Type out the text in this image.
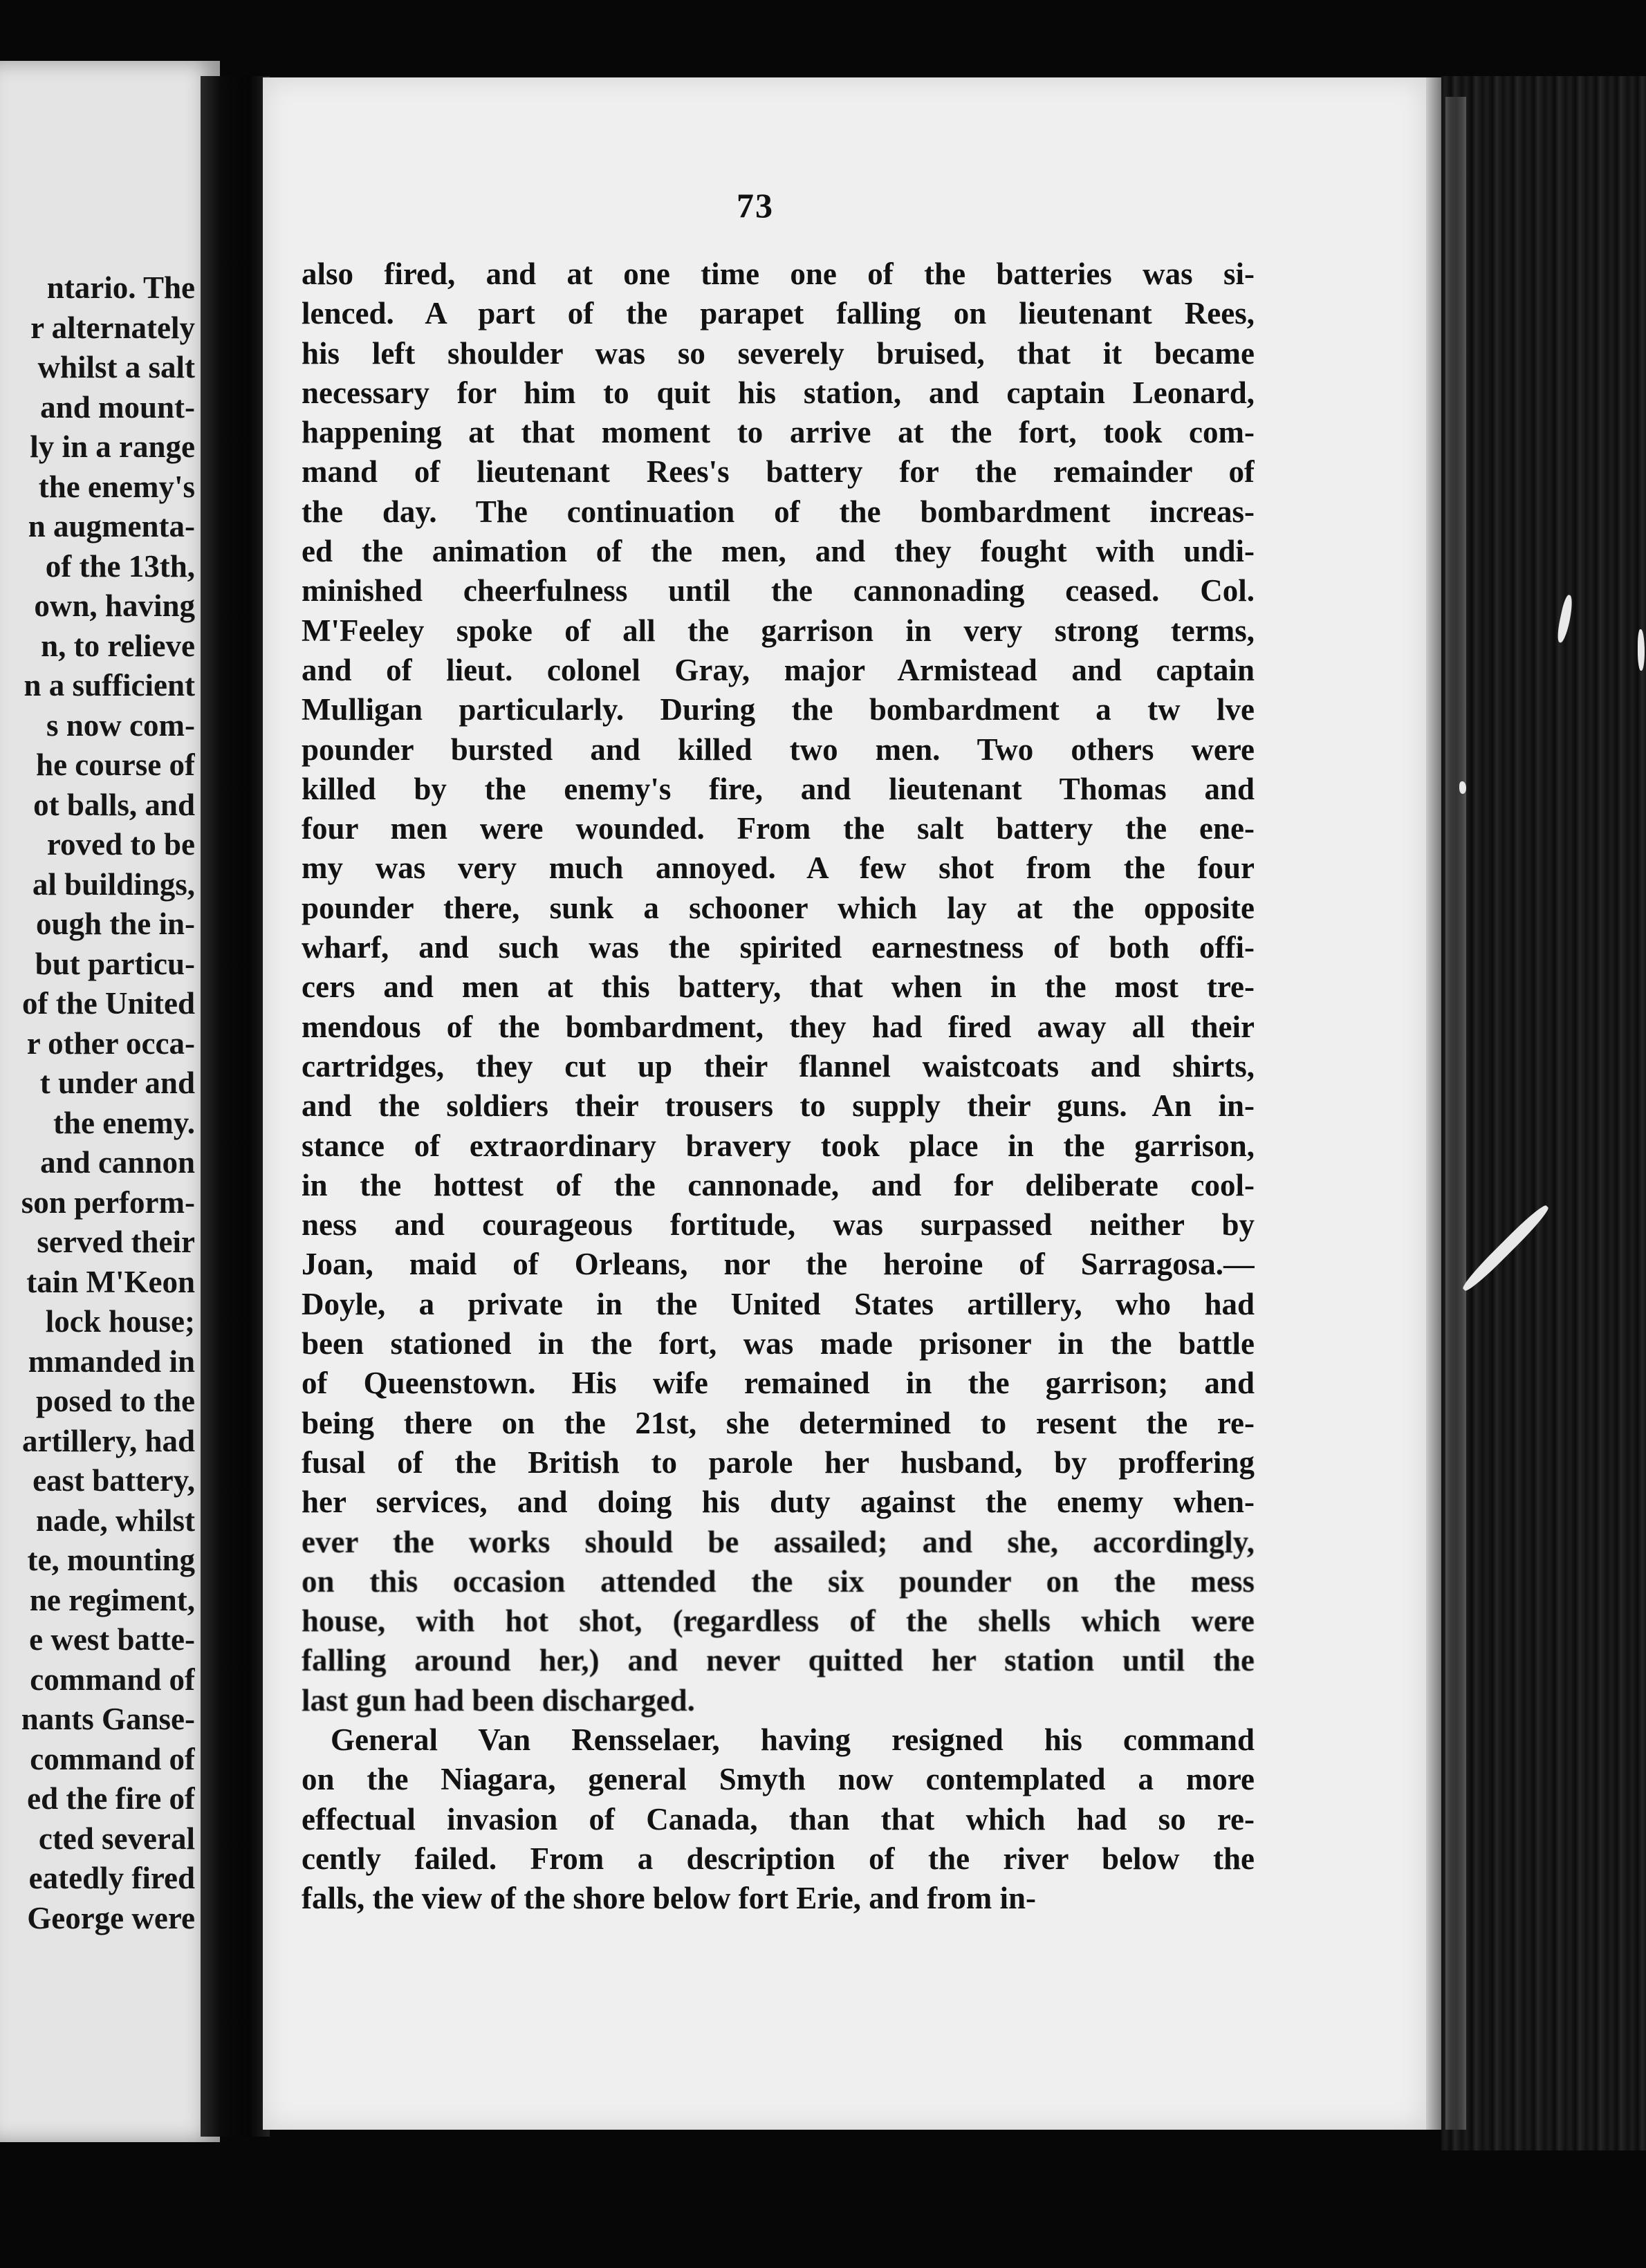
ntario. The
r alternately
whilst a salt
and mount-
ly in a range
the enemy's
n augmenta-
of the 13th,
own, having
n, to relieve
n a sufficient
s now com-
he course of
ot balls, and
roved to be
al buildings,
ough the in-
but particu-
of the United
r other occa-
t under and
the enemy.
and cannon
son perform-
served their
tain M'Keon
lock house;
mmanded in
posed to the
artillery, had
east battery,
nade, whilst
te, mounting
ne regiment,
e west batte-
command of
nants Ganse-
command of
ed the fire of
cted several
eatedly fired
George were
73
also fired, and at one time one of the batteries was si-
lenced. A part of the parapet falling on lieutenant Rees,
his left shoulder was so severely bruised, that it became
necessary for him to quit his station, and captain Leonard,
happening at that moment to arrive at the fort, took com-
mand of lieutenant Rees's battery for the remainder of
the day. The continuation of the bombardment increas-
ed the animation of the men, and they fought with undi-
minished cheerfulness until the cannonading ceased. Col.
M'Feeley spoke of all the garrison in very strong terms,
and of lieut. colonel Gray, major Armistead and captain
Mulligan particularly. During the bombardment a tw lve
pounder bursted and killed two men. Two others were
killed by the enemy's fire, and lieutenant Thomas and
four men were wounded. From the salt battery the ene-
my was very much annoyed. A few shot from the four
pounder there, sunk a schooner which lay at the opposite
wharf, and such was the spirited earnestness of both offi-
cers and men at this battery, that when in the most tre-
mendous of the bombardment, they had fired away all their
cartridges, they cut up their flannel waistcoats and shirts,
and the soldiers their trousers to supply their guns. An in-
stance of extraordinary bravery took place in the garrison,
in the hottest of the cannonade, and for deliberate cool-
ness and courageous fortitude, was surpassed neither by
Joan, maid of Orleans, nor the heroine of Sarragosa.—
Doyle, a private in the United States artillery, who had
been stationed in the fort, was made prisoner in the battle
of Queenstown. His wife remained in the garrison; and
being there on the 21st, she determined to resent the re-
fusal of the British to parole her husband, by proffering
her services, and doing his duty against the enemy when-
ever the works should be assailed; and she, accordingly,
on this occasion attended the six pounder on the mess
house, with hot shot, (regardless of the shells which were
falling around her,) and never quitted her station until the
last gun had been discharged.
General Van Rensselaer, having resigned his command
on the Niagara, general Smyth now contemplated a more
effectual invasion of Canada, than that which had so re-
cently failed. From a description of the river below the
falls, the view of the shore below fort Erie, and from in-
